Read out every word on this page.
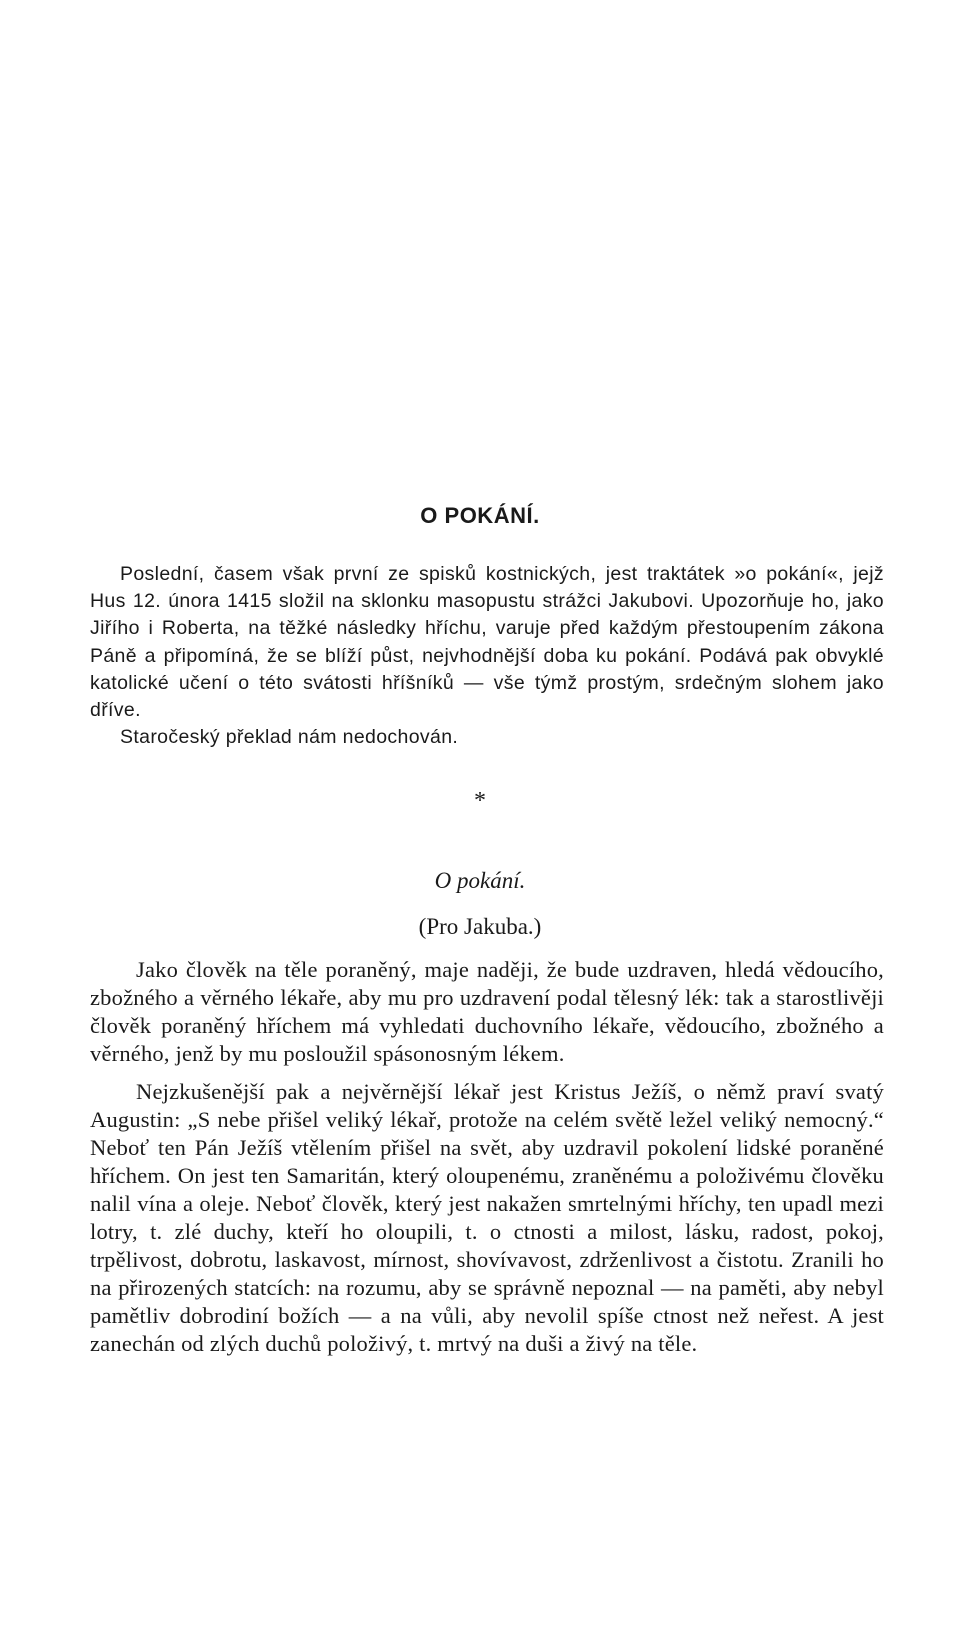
O POKÁNÍ.

Poslední, časem však první ze spisků kostnických, jest traktátek »o pokání«, jejž Hus 12. února 1415 složil na sklonku masopustu strážci Jakubovi. Upozorňuje ho, jako Jiřího i Roberta, na těžké následky hříchu, varuje před každým přestoupením zákona Páně a připomíná, že se blíží půst, nejvhodnější doba ku pokání. Podává pak obvyklé katolické učení o této svátosti hříšníků — vše týmž prostým, srdečným slohem jako dříve.

Staročeský překlad nám nedochován.

*
O pokání.
(Pro Jakuba.)

Jako člověk na těle poraněný, maje naději, že bude uzdraven, hledá vědoucího, zbožného a věrného lékaře, aby mu pro uzdravení podal tělesný lék: tak a starostlivěji člověk poraněný hříchem má vyhledati duchovního lékaře, vědoucího, zbožného a věrného, jenž by mu posloužil spásonosným lékem.

Nejzkušenější pak a nejvěrnější lékař jest Kristus Ježíš, o němž praví svatý Augustin: „S nebe přišel veliký lékař, protože na celém světě ležel veliký nemocný.“ Neboť ten Pán Ježíš vtělením přišel na svět, aby uzdravil pokolení lidské poraněné hříchem. On jest ten Samaritán, který oloupenému, zraněnému a položivému člověku nalil vína a oleje. Neboť člověk, který jest nakažen smrtelnými hříchy, ten upadl mezi lotry, t. zlé duchy, kteří ho oloupili, t. o ctnosti a milost, lásku, radost, pokoj, trpělivost, dobrotu, laskavost, mírnost, shovívavost, zdrženlivost a čistotu. Zranili ho na přirozených statcích: na rozumu, aby se správně nepoznal — na paměti, aby nebyl pamětliv dobrodiní božích — a na vůli, aby nevolil spíše ctnost než neřest. A jest zanechán od zlých duchů položivý, t. mrtvý na duši a živý na těle.
